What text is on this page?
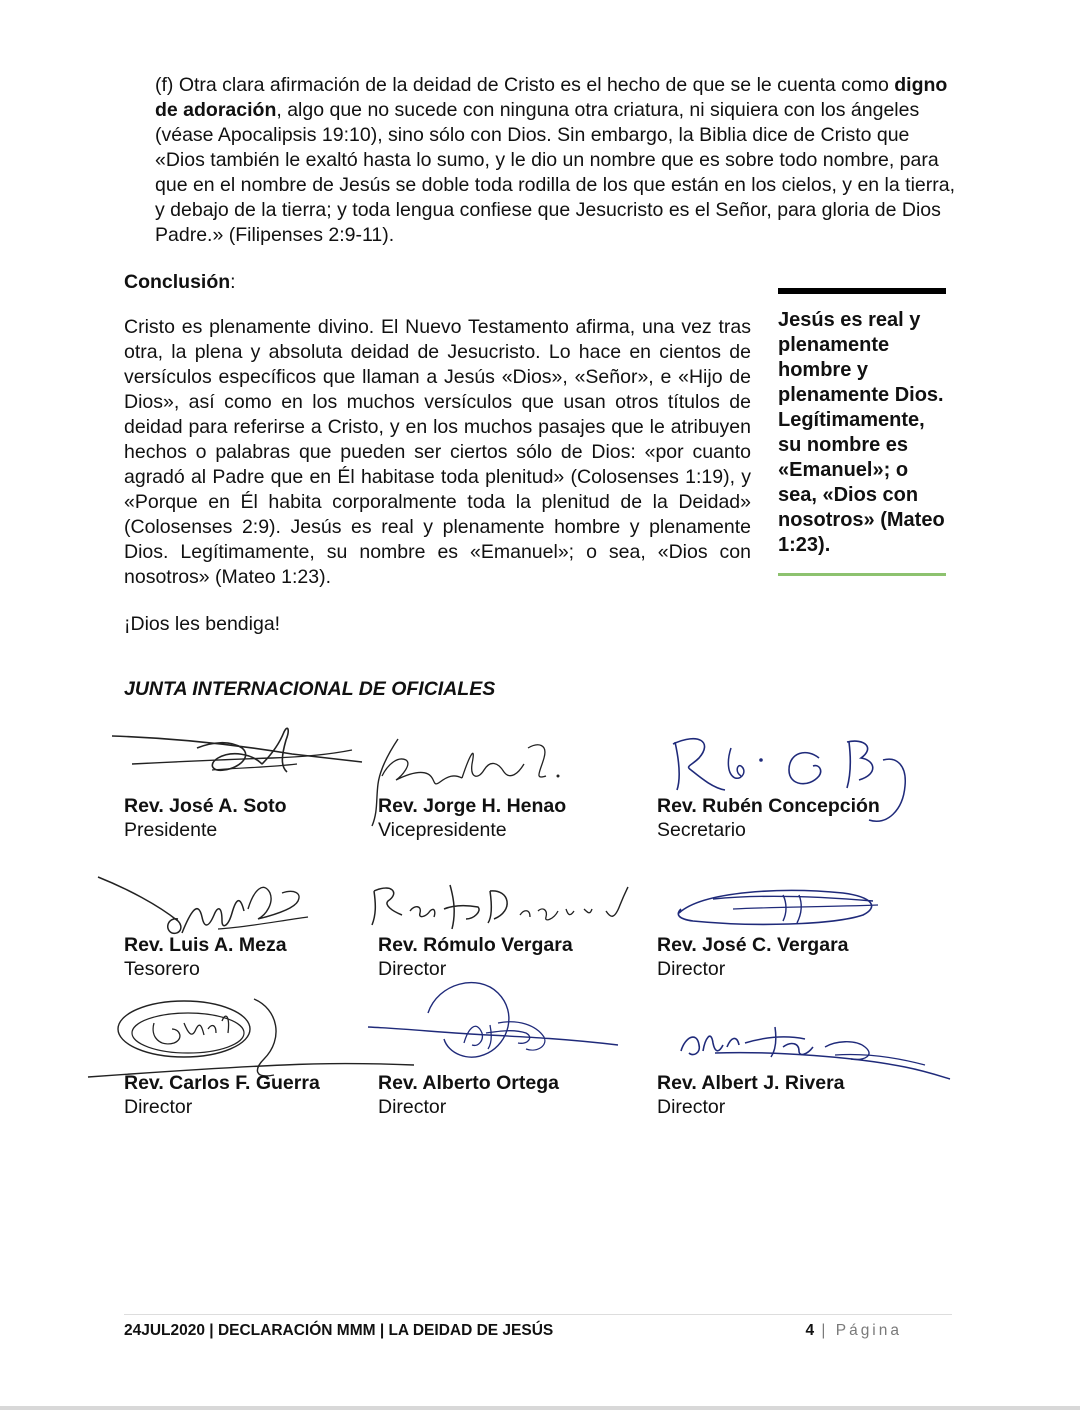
(f) Otra clara afirmación de la deidad de Cristo es el hecho de que se le cuenta como digno de adoración, algo que no sucede con ninguna otra criatura, ni siquiera con los ángeles (véase Apocalipsis 19:10), sino sólo con Dios. Sin embargo, la Biblia dice de Cristo que «Dios también le exaltó hasta lo sumo, y le dio un nombre que es sobre todo nombre, para que en el nombre de Jesús se doble toda rodilla de los que están en los cielos, y en la tierra, y debajo de la tierra; y toda lengua confiese que Jesucristo es el Señor, para gloria de Dios Padre.» (Filipenses 2:9-11).

Conclusión:

Cristo es plenamente divino. El Nuevo Testamento afirma, una vez tras otra, la plena y absoluta deidad de Jesucristo. Lo hace en cientos de versículos específicos que llaman a Jesús «Dios», «Señor», e «Hijo de Dios», así como en los muchos versículos que usan otros títulos de deidad para referirse a Cristo, y en los muchos pasajes que le atribuyen hechos o palabras que pueden ser ciertos sólo de Dios: «por cuanto agradó al Padre que en Él habitase toda plenitud» (Colosenses 1:19), y «Porque en Él habita corporalmente toda la plenitud de la Deidad» (Colosenses 2:9). Jesús es real y plenamente hombre y plenamente Dios. Legítimamente, su nombre es «Emanuel»; o sea, «Dios con nosotros» (Mateo 1:23).

Jesús es real y plenamente hombre y plenamente Dios. Legítimamente, su nombre es «Emanuel»; o sea, «Dios con nosotros» (Mateo 1:23).

¡Dios les bendiga!

JUNTA INTERNACIONAL DE OFICIALES

Rev. José A. Soto

Presidente

Rev. Jorge H. Henao

Vicepresidente

Rev. Rubén Concepción

Secretario

Rev. Luis A. Meza

Tesorero

Rev. Rómulo Vergara

Director

Rev. José C. Vergara

Director

Rev. Carlos F. Guerra

Director

Rev. Alberto Ortega

Director

Rev. Albert J. Rivera

Director

24JUL2020 | DECLARACIÓN MMM | LA DEIDAD DE JESÚS	4 | Página
